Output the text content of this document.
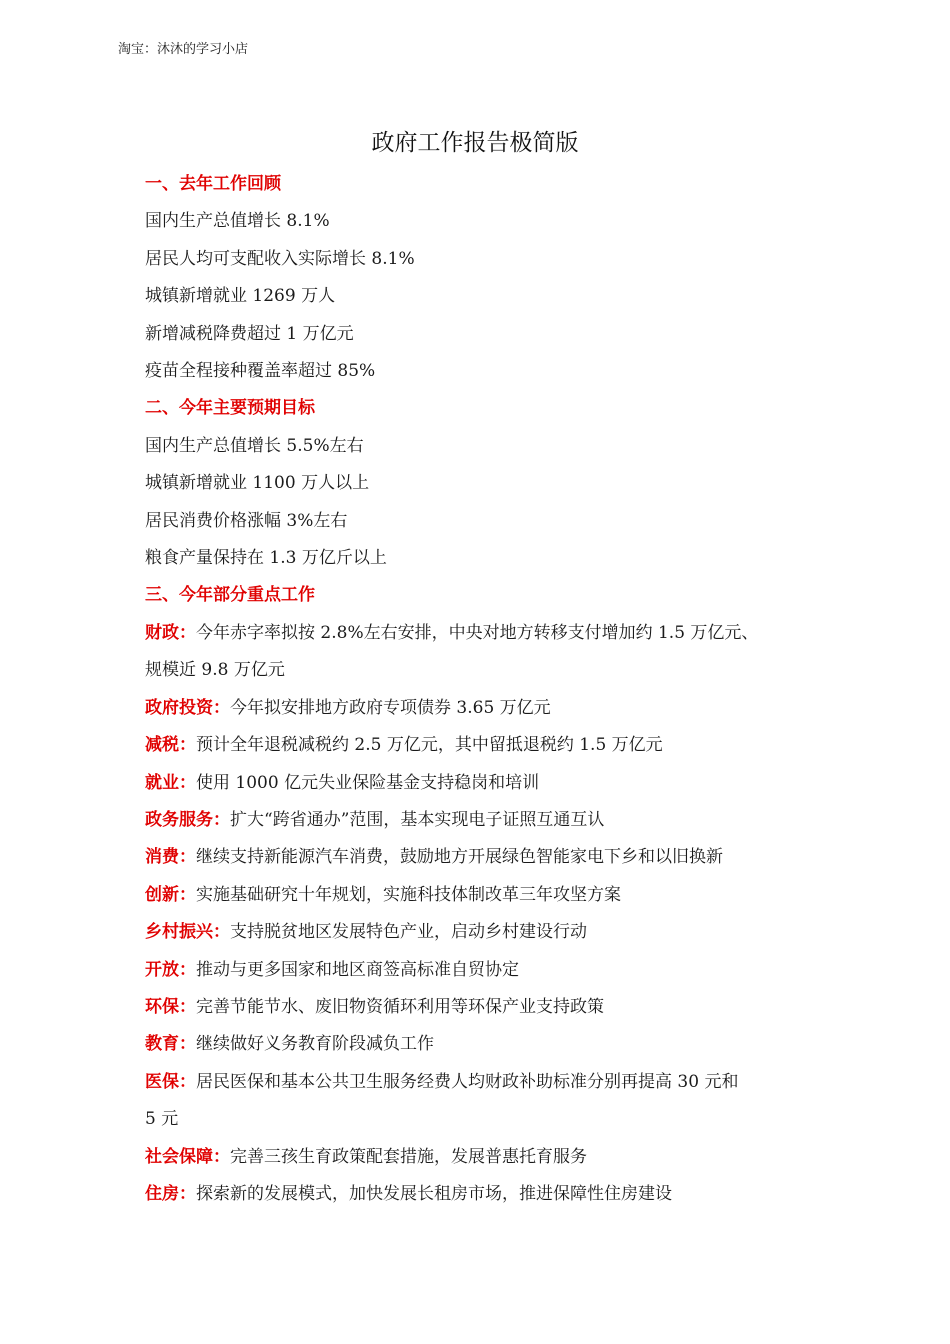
淘宝：沐沐的学习小店
政府工作报告极简版
一、去年工作回顾
国内生产总值增长 8.1%
居民人均可支配收入实际增长 8.1%
城镇新增就业 1269 万人
新增减税降费超过 1 万亿元
疫苗全程接种覆盖率超过 85%
二、今年主要预期目标
国内生产总值增长 5.5%左右
城镇新增就业 1100 万人以上
居民消费价格涨幅 3%左右
粮食产量保持在 1.3 万亿斤以上
三、今年部分重点工作
财政：今年赤字率拟按 2.8%左右安排，中央对地方转移支付增加约 1.5 万亿元、
规模近 9.8 万亿元
政府投资：今年拟安排地方政府专项债券 3.65 万亿元
减税：预计全年退税减税约 2.5 万亿元，其中留抵退税约 1.5 万亿元
就业：使用 1000 亿元失业保险基金支持稳岗和培训
政务服务：扩大“跨省通办”范围，基本实现电子证照互通互认
消费：继续支持新能源汽车消费，鼓励地方开展绿色智能家电下乡和以旧换新
创新：实施基础研究十年规划，实施科技体制改革三年攻坚方案
乡村振兴：支持脱贫地区发展特色产业，启动乡村建设行动
开放：推动与更多国家和地区商签高标准自贸协定
环保：完善节能节水、废旧物资循环利用等环保产业支持政策
教育：继续做好义务教育阶段减负工作
医保：居民医保和基本公共卫生服务经费人均财政补助标准分别再提高 30 元和
5 元
社会保障：完善三孩生育政策配套措施，发展普惠托育服务
住房：探索新的发展模式，加快发展长租房市场，推进保障性住房建设
